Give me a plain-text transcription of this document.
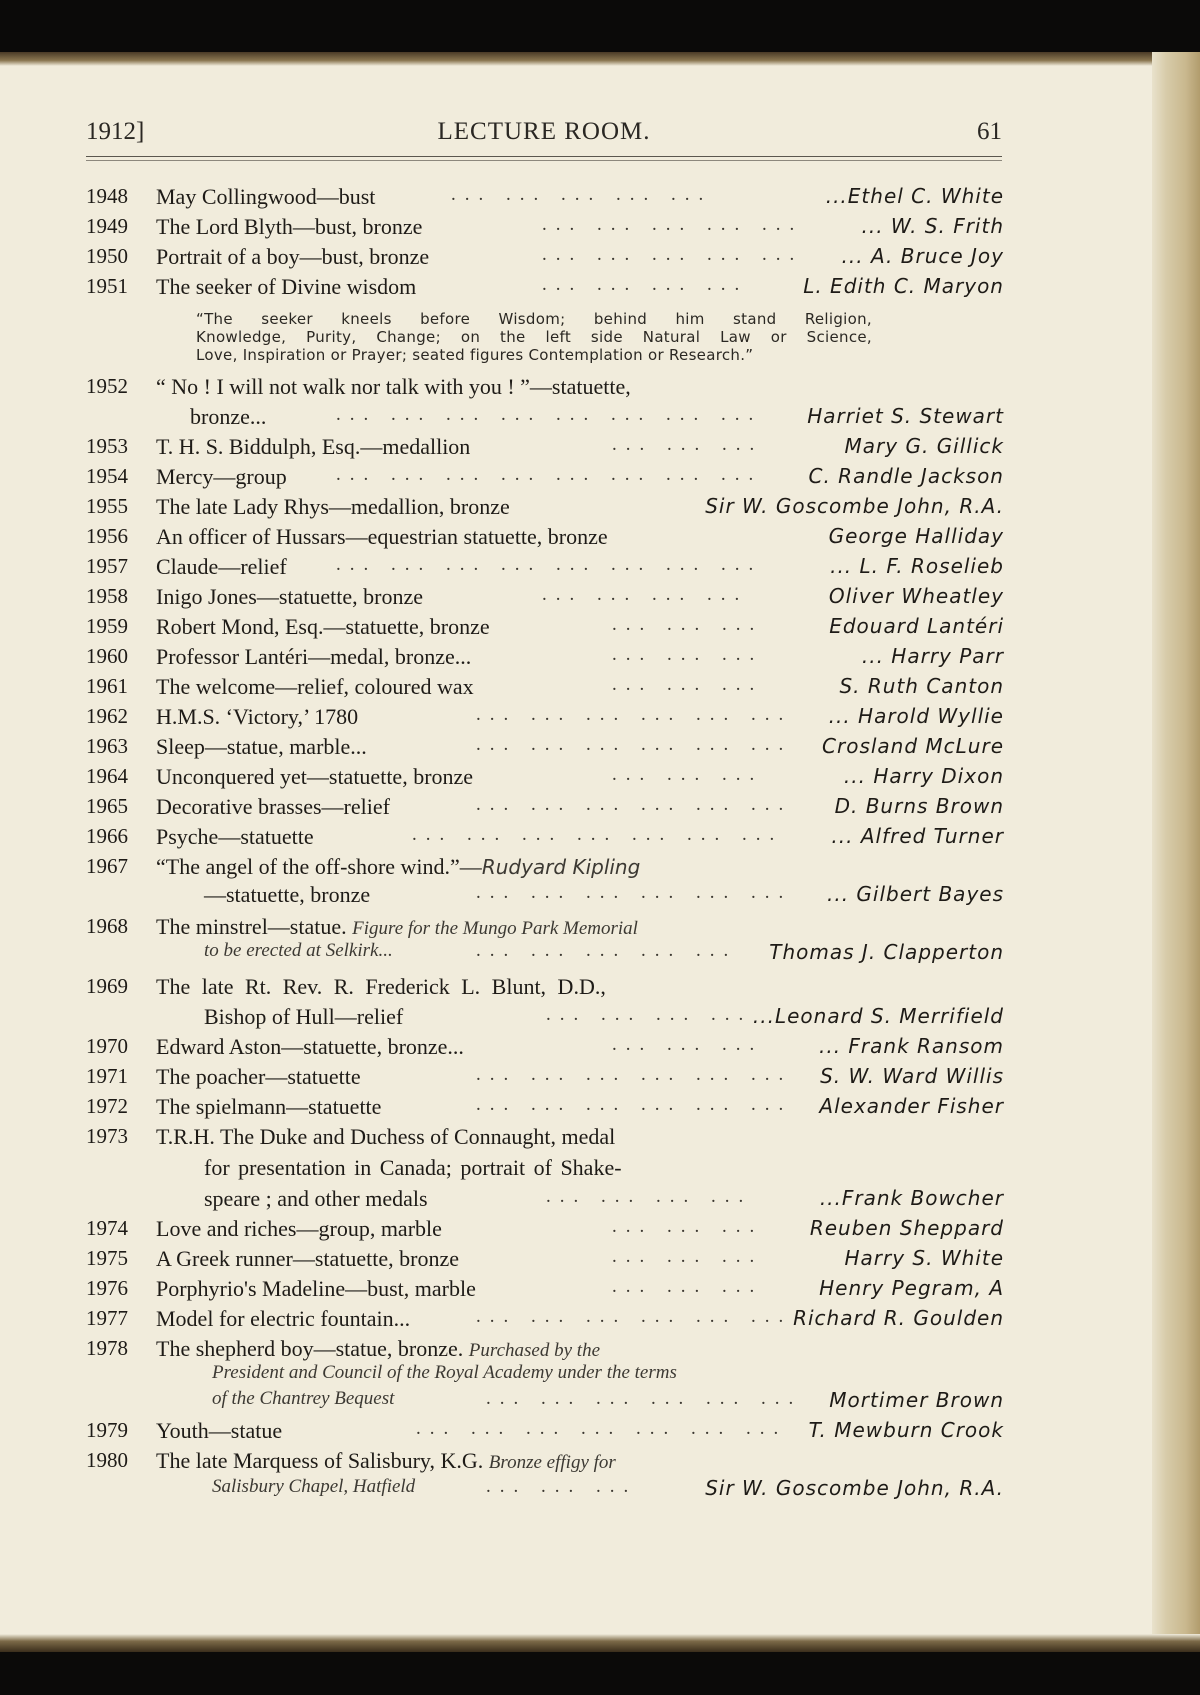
1912]	LECTURE ROOM.	61
1948 May Collingwood—bust	... ... ... ... ...	...Ethel C. White
1949 The Lord Blyth—bust, bronze	... ... ... ... ...	... W. S. Frith
1950 Portrait of a boy—bust, bronze	... ... ... ... ... ... A. Bruce Joy
1951 The seeker of Divine wisdom	... ... ... ...	L. Edith C. Maryon
“The seeker kneels before Wisdom; behind him stand Religion,
Knowledge, Purity, Change; on the left side Natural Law or Science,
Love, Inspiration or Prayer; seated figures Contemplation or Research.”
1952 “ No ! I will not walk nor talk with you ! ”—statuette,
bronze...	... ... ... ... ... ... ... ... Harriet S. Stewart
1953 T. H. S. Biddulph, Esq.—medallion	... ... ...	Mary G. Gillick
1954 Mercy—group	... ... ... ... ... ... ... ... C. Randle Jackson
1955 The late Lady Rhys—medallion, bronze	Sir W. Goscombe John, R.A.
1956 An officer of Hussars—equestrian statuette, bronze	George Halliday
1957 Claude—relief	... ... ... ... ... ... ... ...	... L. F. Roselieb
1958 Inigo Jones—statuette, bronze	... ... ... ...	Oliver Wheatley
1959 Robert Mond, Esq.—statuette, bronze	... ... ...	Edouard Lantéri
1960 Professor Lantéri—medal, bronze...	... ... ...	... Harry Parr
1961 The welcome—relief, coloured wax	... ... ...	S. Ruth Canton
1962 H.M.S. ‘Victory,’ 1780	... ... ... ... ... ... ... Harold Wyllie
1963 Sleep—statue, marble...	... ... ... ... ... ... Crosland McLure
1964 Unconquered yet—statuette, bronze	... ... ...	... Harry Dixon
1965 Decorative brasses—relief	... ... ... ... ... ... D. Burns Brown
1966 Psyche—statuette	... ... ... ... ... ... ... ... Alfred Turner
1967 “The angel of the off-shore wind.”—Rudyard Kipling
—statuette, bronze	... ... ... ... ... ... ... Gilbert Bayes
1968 The minstrel—statue. Figure for the Mungo Park Memorial
to be erected at Selkirk...	... ... ... ... ... Thomas J. Clapperton
1969 The late Rt. Rev. R. Frederick L. Blunt, D.D.,
Bishop of Hull—relief	... ... ... ... ...Leonard S. Merrifield
1970 Edward Aston—statuette, bronze...	... ... ...	... Frank Ransom
1971 The poacher—statuette	... ... ... ... ... ... S. W. Ward Willis
1972 The spielmann—statuette	... ... ... ... ... ... Alexander Fisher
1973 T.R.H. The Duke and Duchess of Connaught, medal
for presentation in Canada; portrait of Shake-
speare ; and other medals	... ... ... ...	...Frank Bowcher
1974 Love and riches—group, marble	... ... ... Reuben Sheppard
1975 A Greek runner—statuette, bronze	... ... ...	Harry S. White
1976 Porphyrio's Madeline—bust, marble	... ... ...	Henry Pegram, A
1977 Model for electric fountain...	... ... ... ... ... ... Richard R. Goulden
1978 The shepherd boy—statue, bronze. Purchased by the
President and Council of the Royal Academy under the terms
of the Chantrey Bequest	... ... ... ... ... ... Mortimer Brown
1979 Youth—statue	... ... ... ... ... ... ... T. Mewburn Crook
1980 The late Marquess of Salisbury, K.G. Bronze effigy for
Salisbury Chapel, Hatfield	... ... ...	Sir W. Goscombe John, R.A.
